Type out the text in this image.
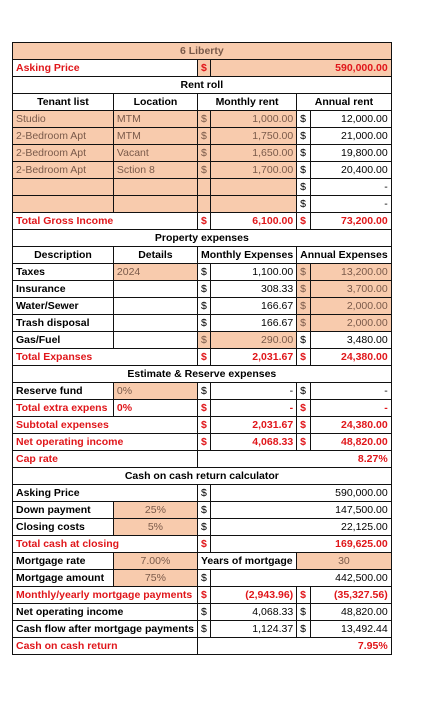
6 Liberty					
Asking Price		$	590,000.00		
Rent roll					
Tenant list	Location	Monthly rent		Annual rent	
Studio	MTM	$	1,000.00	$	12,000.00
2-Bedroom Apt	MTM	$	1,750.00	$	21,000.00
2-Bedroom Apt	Vacant	$	1,650.00	$	19,800.00
2-Bedroom Apt	Sction 8	$	1,700.00	$	20,400.00
				$	-
				$	-
Total Gross Income		$	6,100.00	$	73,200.00
Property expenses					
Description	Details	Monthly Expenses		Annual Expenses	
Taxes	2024	$	1,100.00	$	13,200.00
Insurance		$	308.33	$	3,700.00
Water/Sewer		$	166.67	$	2,000.00
Trash disposal		$	166.67	$	2,000.00
Gas/Fuel		$	290.00	$	3,480.00
Total Expanses		$	2,031.67	$	24,380.00
Estimate & Reserve expenses					
Reserve fund	0%	$	-	$	-
Total extra expens	0%	$	-	$	-
Subtotal expenses		$	2,031.67	$	24,380.00
Net operating income		$	4,068.33	$	48,820.00
Cap rate		8.27%			
Cash on cash return calculator					
Asking Price		$	590,000.00		
Down payment	25%	$	147,500.00		
Closing costs	5%	$	22,125.00		
Total cash at closing		$	169,625.00		
Mortgage rate	7.00%	Years of mortgage		30	
Mortgage amount	75%	$	442,500.00		
Monthly/yearly mortgage payments		$	(2,943.96)	$	(35,327.56)
Net operating income		$	4,068.33	$	48,820.00
Cash flow after mortgage payments		$	1,124.37	$	13,492.44
Cash on cash return		7.95%			
